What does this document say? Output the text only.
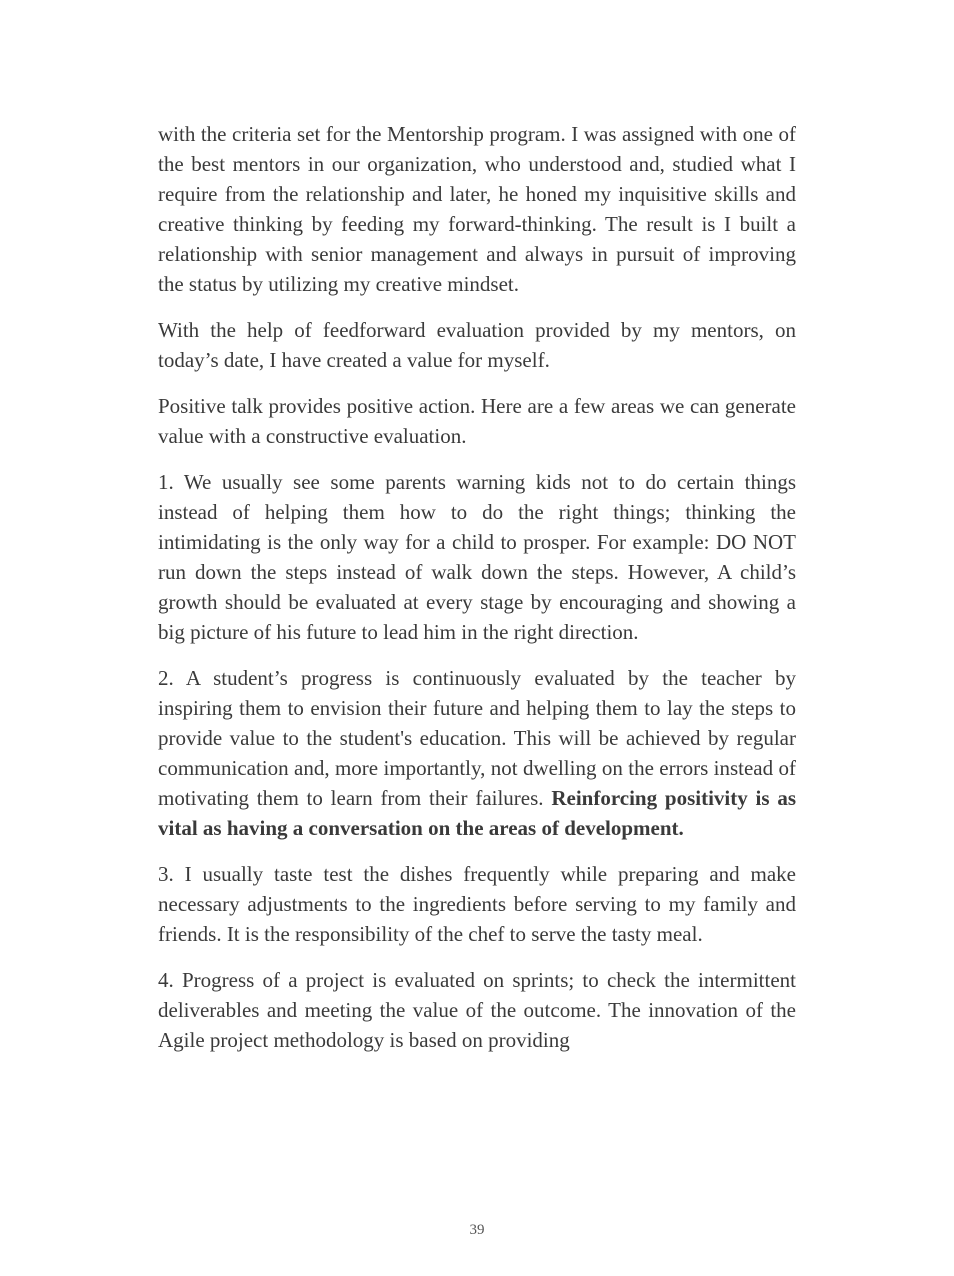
with the criteria set for the Mentorship program. I was assigned with one of the best mentors in our organization, who understood and, studied what I require from the relationship and later, he honed my inquisitive skills and creative thinking by feeding my forward-thinking. The result is I built a relationship with senior management and always in pursuit of improving the status by utilizing my creative mindset.

With the help of feedforward evaluation provided by my mentors, on today’s date, I have created a value for myself.

Positive talk provides positive action. Here are a few areas we can generate value with a constructive evaluation.

1. We usually see some parents warning kids not to do certain things instead of helping them how to do the right things; thinking the intimidating is the only way for a child to prosper. For example: DO NOT run down the steps instead of walk down the steps. However, A child’s growth should be evaluated at every stage by encouraging and showing a big picture of his future to lead him in the right direction.

2. A student’s progress is continuously evaluated by the teacher by inspiring them to envision their future and helping them to lay the steps to provide value to the student's education. This will be achieved by regular communication and, more importantly, not dwelling on the errors instead of motivating them to learn from their failures. Reinforcing positivity is as vital as having a conversation on the areas of development.

3. I usually taste test the dishes frequently while preparing and make necessary adjustments to the ingredients before serving to my family and friends. It is the responsibility of the chef to serve the tasty meal.

4. Progress of a project is evaluated on sprints; to check the intermittent deliverables and meeting the value of the outcome. The innovation of the Agile project methodology is based on providing

39
